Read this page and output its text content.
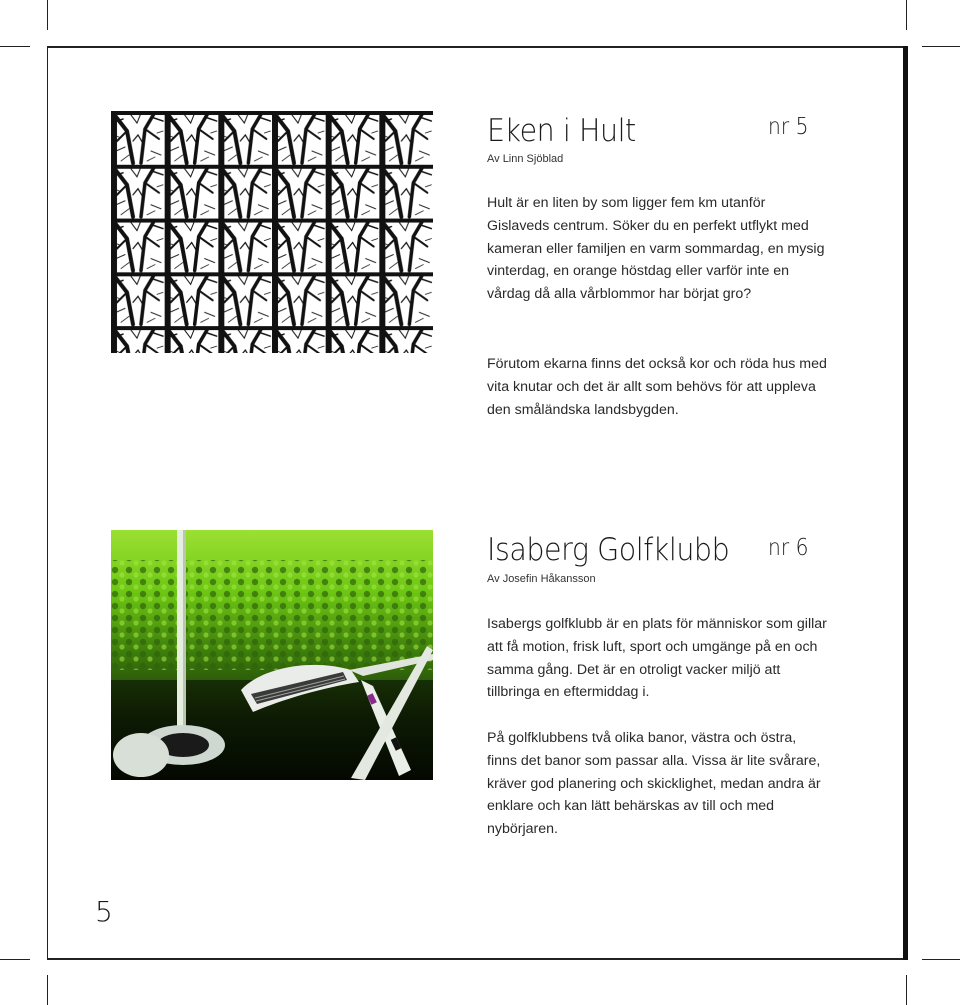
Eken i Hult	nr 5
Av Linn Sjöblad

Hult är en liten by som ligger fem km utanför Gislaveds centrum. Söker du en perfekt utflykt med kameran eller familjen en varm sommardag, en mysig vinterdag, en orange höstdag eller varför inte en vårdag då alla vårblommor har börjat gro?

Förutom ekarna finns det också kor och röda hus med vita knutar och det är allt som behövs för att uppleva den småländska landsbygden.

Isaberg Golfklubb nr 6
Av Josefin Håkansson

Isabergs golfklubb är en plats för människor som gillar att få motion, frisk luft, sport och umgänge på en och samma gång. Det är en otroligt vacker miljö att tillbringa en eftermiddag i.

På golfklubbens två olika banor, västra och östra, finns det banor som passar alla. Vissa är lite svårare, kräver god planering och skicklighet, medan andra är enklare och kan lätt behärskas av till och med nybörjaren.

5
